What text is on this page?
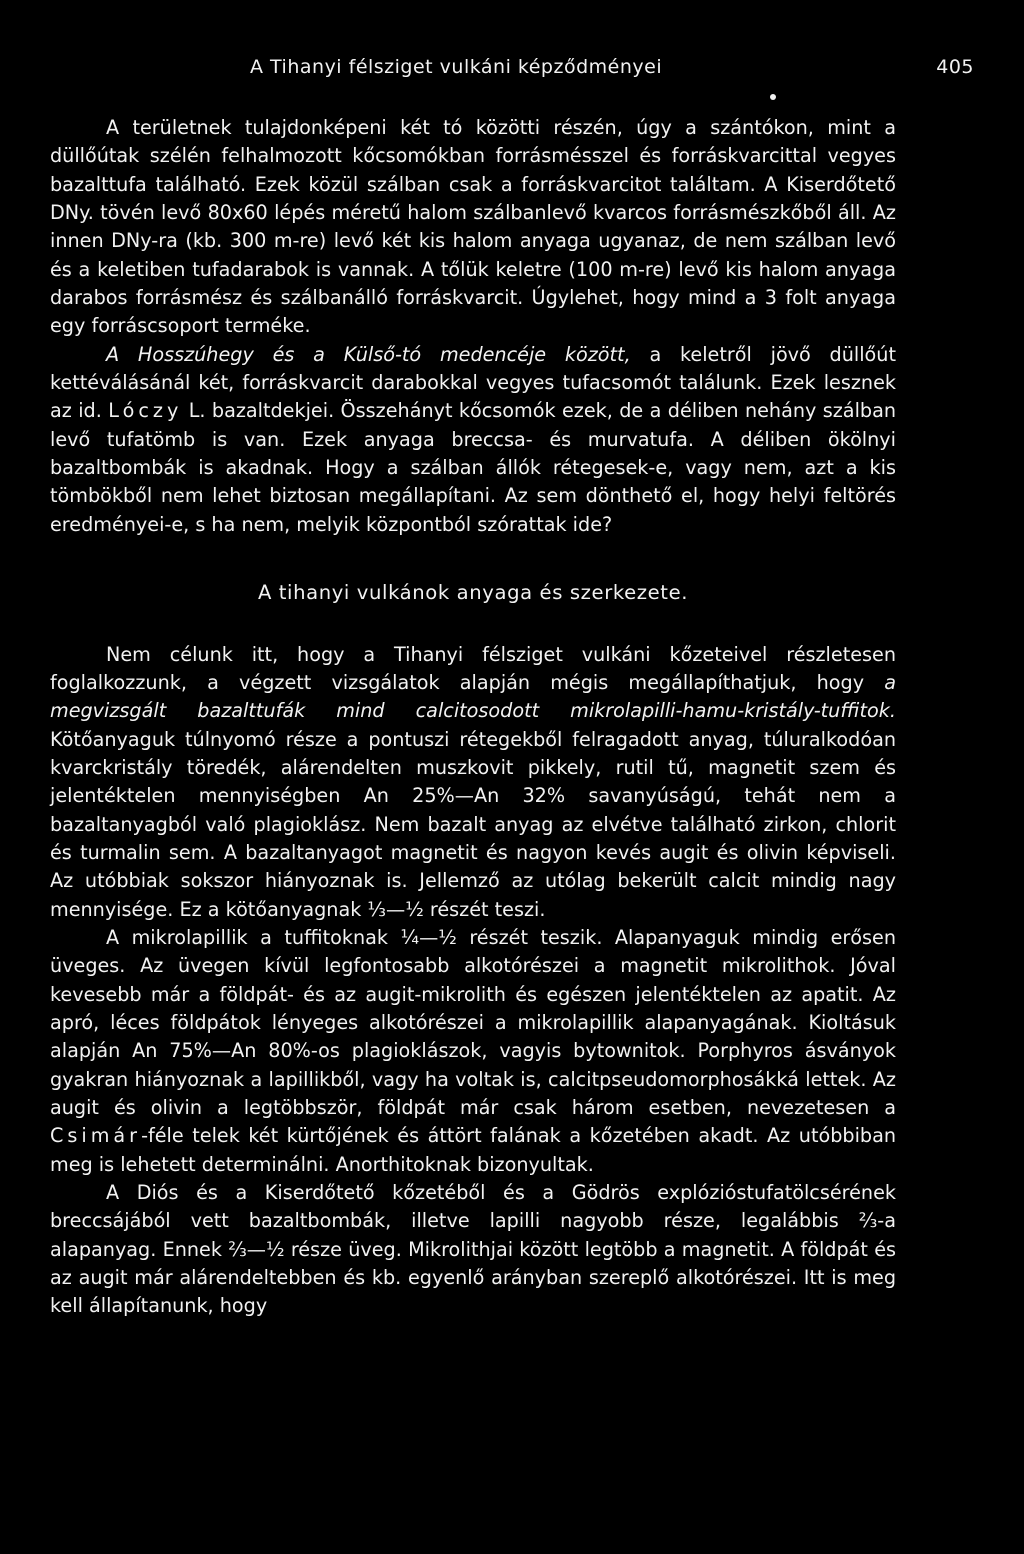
A Tihanyi félsziget vulkáni képződményei	405

A területnek tulajdonképeni két tó közötti részén, úgy a szántókon, mint a düllőútak szélén felhalmozott kőcsomókban forrásmésszel és forráskvarcittal vegyes bazalttufa található. Ezek közül szálban csak a forráskvarcitot találtam. A Kiserdőtető DNy. tövén levő 80x60 lépés méretű halom szálbanlevő kvarcos forrásmészkőből áll. Az innen DNy-ra (kb. 300 m-re) levő két kis halom anyaga ugyanaz, de nem szálban levő és a keletiben tufadarabok is vannak. A tőlük keletre (100 m-re) levő kis halom anyaga darabos forrásmész és szálbanálló forráskvarcit. Úgylehet, hogy mind a 3 folt anyaga egy forráscsoport terméke.

A Hosszúhegy és a Külső-tó medencéje között, a keletről jövő düllőút kettéválásánál két, forráskvarcit darabokkal vegyes tufacsomót találunk. Ezek lesznek az id. Lóczy L. bazaltdekjei. Összehányt kőcsomók ezek, de a déliben nehány szálban levő tufatömb is van. Ezek anyaga breccsa- és murvatufa. A déliben ökölnyi bazaltbombák is akadnak. Hogy a szálban állók rétegesek-e, vagy nem, azt a kis tömbökből nem lehet biztosan megállapítani. Az sem dönthető el, hogy helyi feltörés eredményei-e, s ha nem, melyik központból szórattak ide?

A tihanyi vulkánok anyaga és szerkezete.

Nem célunk itt, hogy a Tihanyi félsziget vulkáni kőzeteivel részletesen foglalkozzunk, a végzett vizsgálatok alapján mégis megállapíthatjuk, hogy a megvizsgált bazalttufák mind calcitosodott mikrolapilli-hamu-kristály-tuffitok. Kötőanyaguk túlnyomó része a pontuszi rétegekből felragadott anyag, túluralkodóan kvarckristály töredék, alárendelten muszkovit pikkely, rutil tű, magnetit szem és jelentéktelen mennyiségben An 25%—An 32% savanyúságú, tehát nem a bazaltanyagból való plagioklász. Nem bazalt anyag az elvétve található zirkon, chlorit és turmalin sem. A bazaltanyagot magnetit és nagyon kevés augit és olivin képviseli. Az utóbbiak sokszor hiányoznak is. Jellemző az utólag bekerült calcit mindig nagy mennyisége. Ez a kötőanyagnak ⅓—½ részét teszi.

A mikrolapillik a tuffitoknak ¼—½ részét teszik. Alapanyaguk mindig erősen üveges. Az üvegen kívül legfontosabb alkotórészei a magnetit mikrolithok. Jóval kevesebb már a földpát- és az augit-mikrolith és egészen jelentéktelen az apatit. Az apró, léces földpátok lényeges alkotórészei a mikrolapillik alapanyagának. Kioltásuk alapján An 75%—An 80%-os plagioklászok, vagyis bytownitok. Porphyros ásványok gyakran hiányoznak a lapillikből, vagy ha voltak is, calcitpseudomorphosákká lettek. Az augit és olivin a legtöbbször, földpát már csak három esetben, nevezetesen a Csimár-féle telek két kürtőjének és áttört falának a kőzetében akadt. Az utóbbiban meg is lehetett determinálni. Anorthitoknak bizonyultak.

A Diós és a Kiserdőtető kőzetéből és a Gödrös explózióstufatölcsérének breccsájából vett bazaltbombák, illetve lapilli nagyobb része, legalábbis ⅔-a alapanyag. Ennek ⅔—½ része üveg. Mikrolithjai között legtöbb a magnetit. A földpát és az augit már alárendeltebben és kb. egyenlő arányban szereplő alkotórészei. Itt is meg kell állapítanunk, hogy
